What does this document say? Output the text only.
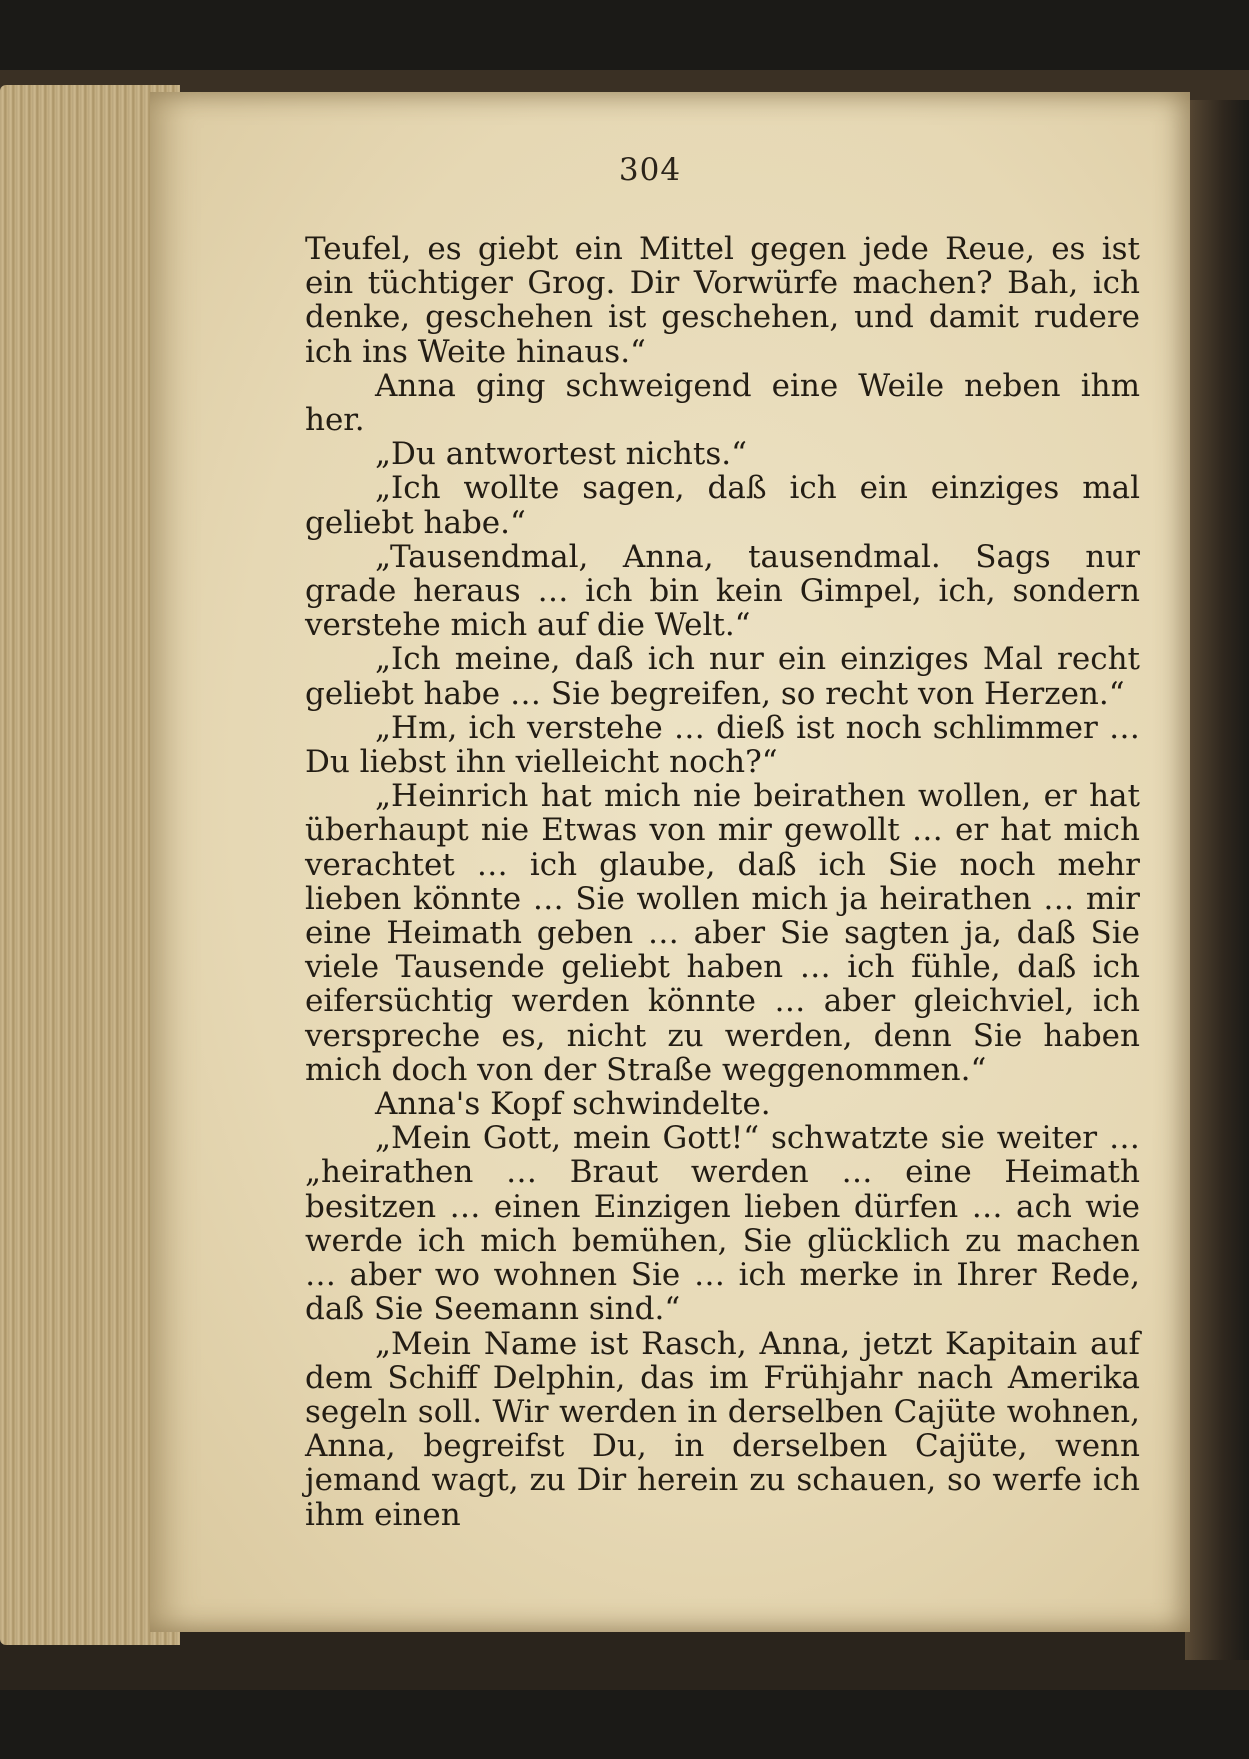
304

Teufel, es giebt ein Mittel gegen jede Reue, es ist ein tüchtiger Grog. Dir Vorwürfe machen? Bah, ich denke, geschehen ist geschehen, und damit rudere ich ins Weite hinaus.“

Anna ging schweigend eine Weile neben ihm her.

„Du antwortest nichts.“

„Ich wollte sagen, daß ich ein einziges mal geliebt habe.“

„Tausendmal, Anna, tausendmal. Sags nur grade heraus … ich bin kein Gimpel, ich, sondern verstehe mich auf die Welt.“

„Ich meine, daß ich nur ein einziges Mal recht geliebt habe … Sie begreifen, so recht von Herzen.“

„Hm, ich verstehe … dieß ist noch schlimmer … Du liebst ihn vielleicht noch?“

„Heinrich hat mich nie beirathen wollen, er hat überhaupt nie Etwas von mir gewollt … er hat mich verachtet … ich glaube, daß ich Sie noch mehr lieben könnte … Sie wollen mich ja heirathen … mir eine Heimath geben … aber Sie sagten ja, daß Sie viele Tausende geliebt haben … ich fühle, daß ich eifersüchtig werden könnte … aber gleichviel, ich verspreche es, nicht zu werden, denn Sie haben mich doch von der Straße weggenommen.“

Anna's Kopf schwindelte.

„Mein Gott, mein Gott!“ schwatzte sie weiter … „heirathen … Braut werden … eine Heimath besitzen … einen Einzigen lieben dürfen … ach wie werde ich mich bemühen, Sie glücklich zu machen … aber wo wohnen Sie … ich merke in Ihrer Rede, daß Sie Seemann sind.“

„Mein Name ist Rasch, Anna, jetzt Kapitain auf dem Schiff Delphin, das im Frühjahr nach Amerika segeln soll. Wir werden in derselben Cajüte wohnen, Anna, begreifst Du, in derselben Cajüte, wenn jemand wagt, zu Dir herein zu schauen, so werfe ich ihm einen
